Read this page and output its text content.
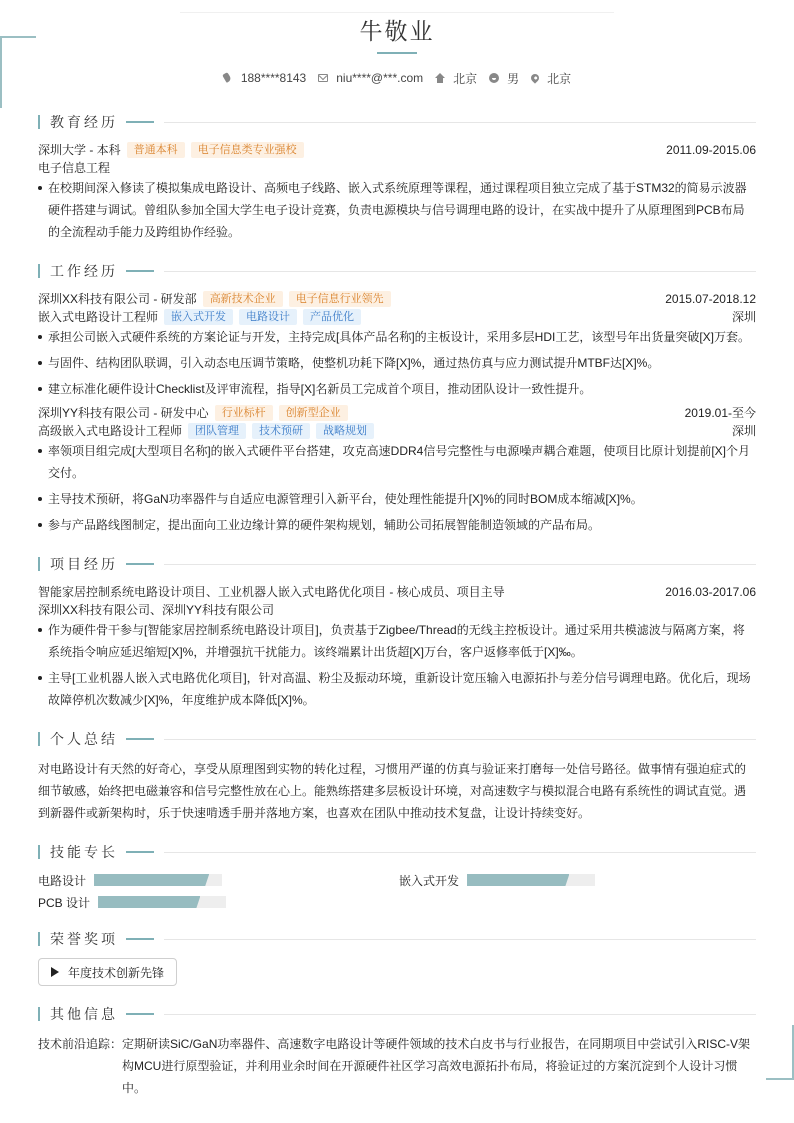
牛敬业
188****8143	niu****@***.com	北京	男 北京
教育经历
深圳大学 - 本科	普通本科	电子信息类专业强校	2011.09-2015.06
电子信息工程
在校期间深入修读了模拟集成电路设计、高频电子线路、嵌入式系统原理等课程，通过课程项目独立完成了基于STM32的简易示波器硬件搭建与调试。曾组队参加全国大学生电子设计竞赛，负责电源模块与信号调理电路的设计，在实战中提升了从原理图到PCB布局的全流程动手能力及跨组协作经验。
工作经历
深圳XX科技有限公司 - 研发部	高新技术企业	电子信息行业领先	2015.07-2018.12
嵌入式电路设计工程师	嵌入式开发	电路设计	产品优化	深圳
承担公司嵌入式硬件系统的方案论证与开发，主持完成[具体产品名称]的主板设计，采用多层HDI工艺，该型号年出货量突破[X]万套。
与固件、结构团队联调，引入动态电压调节策略，使整机功耗下降[X]%，通过热仿真与应力测试提升MTBF达[X]%。
建立标准化硬件设计Checklist及评审流程，指导[X]名新员工完成首个项目，推动团队设计一致性提升。
深圳YY科技有限公司 - 研发中心	行业标杆	创新型企业	2019.01-至今
高级嵌入式电路设计工程师	团队管理	技术预研	战略规划	深圳
率领项目组完成[大型项目名称]的嵌入式硬件平台搭建，攻克高速DDR4信号完整性与电源噪声耦合难题，使项目比原计划提前[X]个月交付。
主导技术预研，将GaN功率器件与自适应电源管理引入新平台，使处理性能提升[X]%的同时BOM成本缩减[X]%。
参与产品路线图制定，提出面向工业边缘计算的硬件架构规划，辅助公司拓展智能制造领域的产品布局。
项目经历
智能家居控制系统电路设计项目、工业机器人嵌入式电路优化项目 - 核心成员、项目主导	2016.03-2017.06
深圳XX科技有限公司、深圳YY科技有限公司
作为硬件骨干参与[智能家居控制系统电路设计项目]，负责基于Zigbee/Thread的无线主控板设计。通过采用共模滤波与隔离方案，将系统指令响应延迟缩短[X]%，并增强抗干扰能力。该终端累计出货超[X]万台，客户返修率低于[X]‰。
主导[工业机器人嵌入式电路优化项目]，针对高温、粉尘及振动环境，重新设计宽压输入电源拓扑与差分信号调理电路。优化后，现场故障停机次数减少[X]%，年度维护成本降低[X]%。
个人总结
对电路设计有天然的好奇心，享受从原理图到实物的转化过程，习惯用严谨的仿真与验证来打磨每一处信号路径。做事情有强迫症式的细节敏感，始终把电磁兼容和信号完整性放在心上。能熟练搭建多层板设计环境，对高速数字与模拟混合电路有系统性的调试直觉。遇到新器件或新架构时，乐于快速啃透手册并落地方案，也喜欢在团队中推动技术复盘，让设计持续变好。
技能专长
电路设计	嵌入式开发
PCB 设计
荣誉奖项
年度技术创新先锋
其他信息
技术前沿追踪： 定期研读SiC/GaN功率器件、高速数字电路设计等硬件领域的技术白皮书与行业报告，在同期项目中尝试引入RISC-V架构MCU进行原型验证，并利用业余时间在开源硬件社区学习高效电源拓扑布局，将验证过的方案沉淀到个人设计习惯中。
